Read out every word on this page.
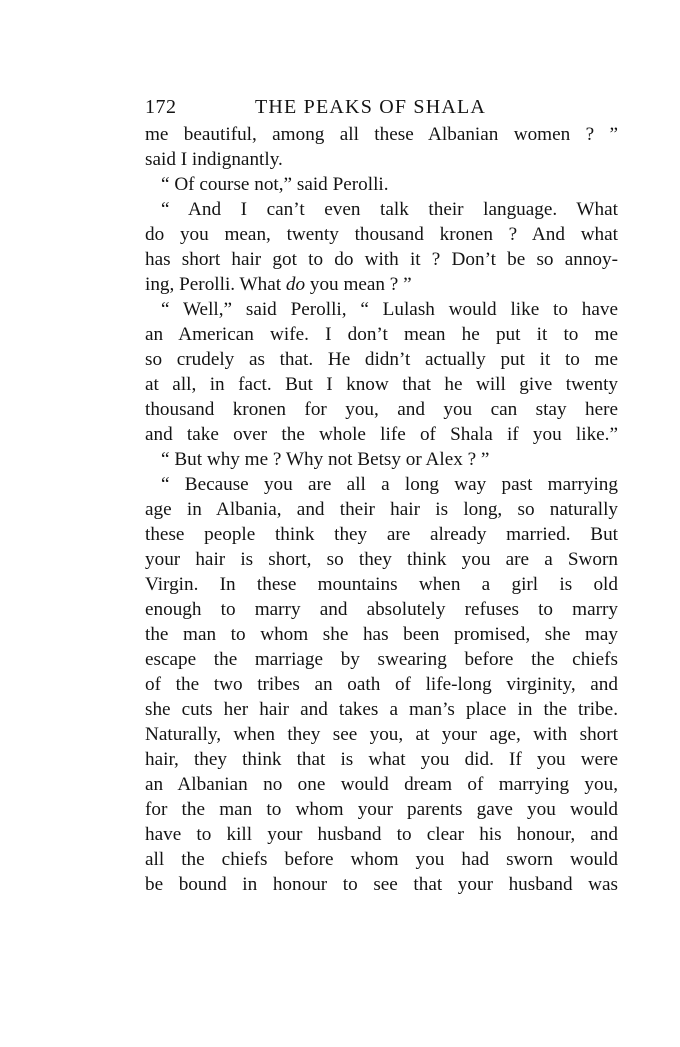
172	THE PEAKS OF SHALA
me beautiful, among all these Albanian women ? ”
said I indignantly.
“ Of course not,” said Perolli.
“ And I can’t even talk their language. What
do you mean, twenty thousand kronen ? And what
has short hair got to do with it ? Don’t be so annoy-
ing, Perolli. What do you mean ? ”
“ Well,” said Perolli, “ Lulash would like to have
an American wife. I don’t mean he put it to me
so crudely as that. He didn’t actually put it to me
at all, in fact. But I know that he will give twenty
thousand kronen for you, and you can stay here
and take over the whole life of Shala if you like.”
“ But why me ? Why not Betsy or Alex ? ”
“ Because you are all a long way past marrying
age in Albania, and their hair is long, so naturally
these people think they are already married. But
your hair is short, so they think you are a Sworn
Virgin. In these mountains when a girl is old
enough to marry and absolutely refuses to marry
the man to whom she has been promised, she may
escape the marriage by swearing before the chiefs
of the two tribes an oath of life-long virginity, and
she cuts her hair and takes a man’s place in the tribe.
Naturally, when they see you, at your age, with short
hair, they think that is what you did. If you were
an Albanian no one would dream of marrying you,
for the man to whom your parents gave you would
have to kill your husband to clear his honour, and
all the chiefs before whom you had sworn would
be bound in honour to see that your husband was
